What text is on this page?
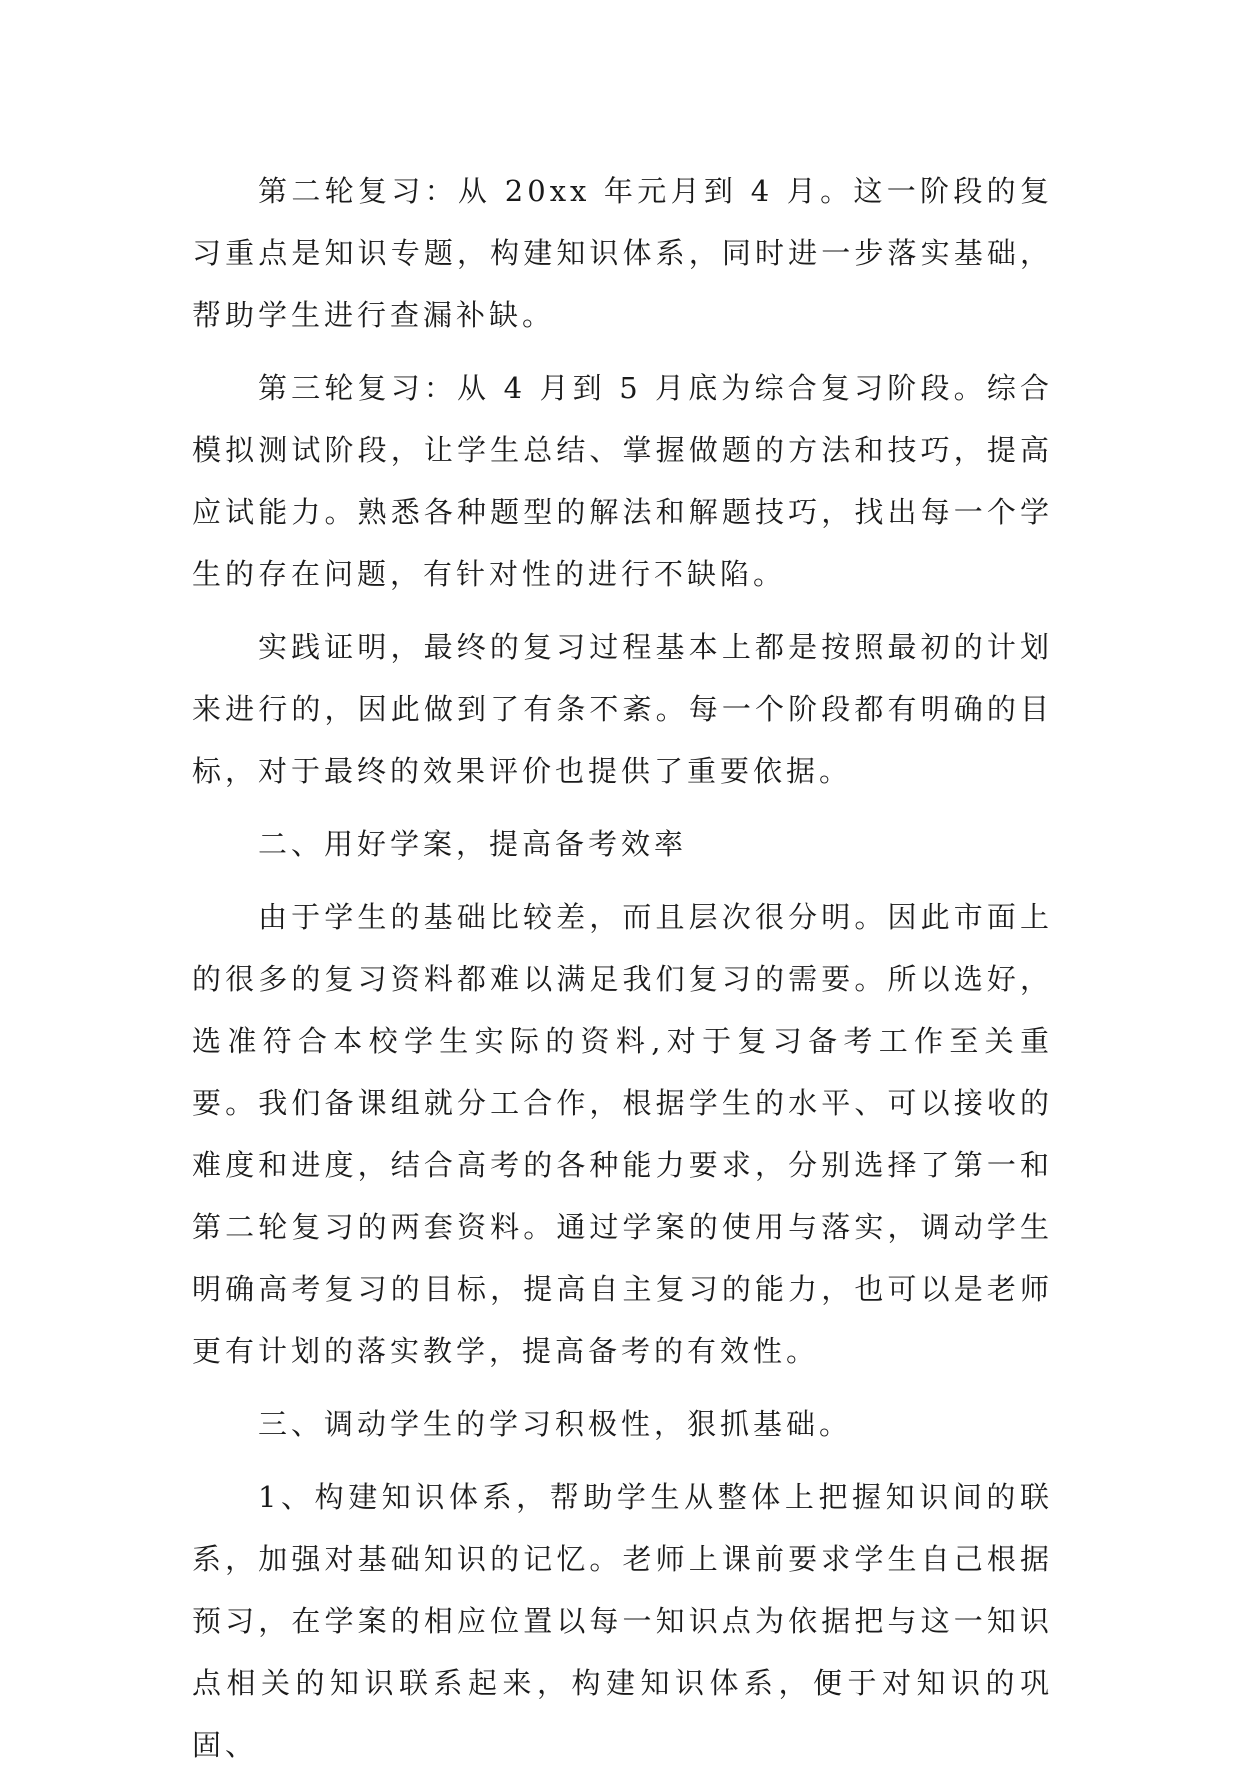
第二轮复习：从 20xx 年元月到 4 月。这一阶段的复习重点是知识专题，构建知识体系，同时进一步落实基础，帮助学生进行查漏补缺。

第三轮复习：从 4 月到 5 月底为综合复习阶段。综合模拟测试阶段，让学生总结、掌握做题的方法和技巧，提高应试能力。熟悉各种题型的解法和解题技巧，找出每一个学生的存在问题，有针对性的进行不缺陷。

实践证明，最终的复习过程基本上都是按照最初的计划来进行的，因此做到了有条不紊。每一个阶段都有明确的目标，对于最终的效果评价也提供了重要依据。

二、用好学案，提高备考效率

由于学生的基础比较差，而且层次很分明。因此市面上的很多的复习资料都难以满足我们复习的需要。所以选好，选准符合本校学生实际的资料,对于复习备考工作至关重要。我们备课组就分工合作，根据学生的水平、可以接收的难度和进度，结合高考的各种能力要求，分别选择了第一和第二轮复习的两套资料。通过学案的使用与落实，调动学生明确高考复习的目标，提高自主复习的能力，也可以是老师更有计划的落实教学，提高备考的有效性。

三、调动学生的学习积极性，狠抓基础。

1、构建知识体系，帮助学生从整体上把握知识间的联系，加强对基础知识的记忆。老师上课前要求学生自己根据预习，在学案的相应位置以每一知识点为依据把与这一知识点相关的知识联系起来，构建知识体系，便于对知识的巩固、
